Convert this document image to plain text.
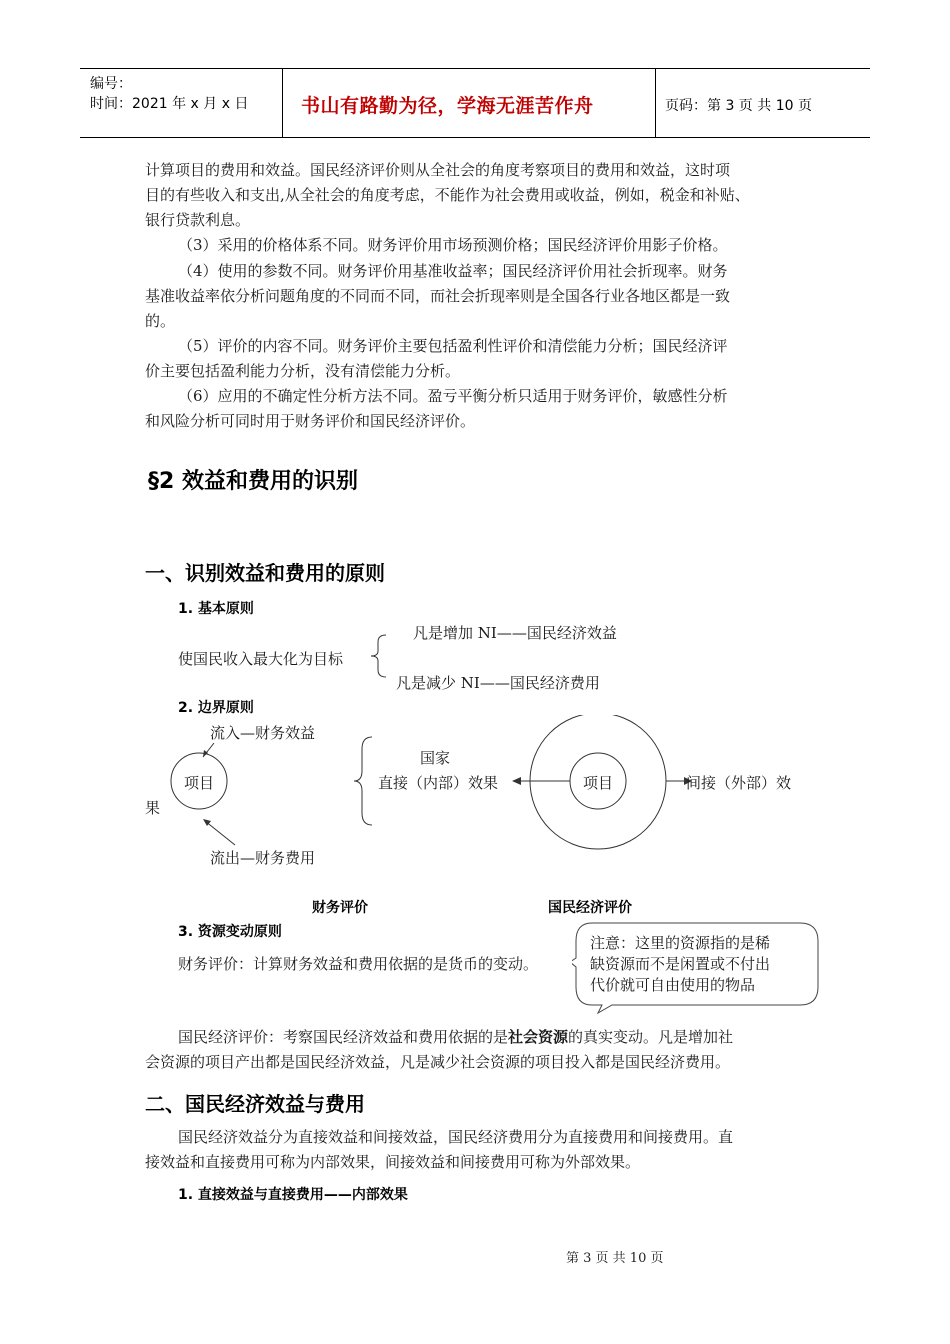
编号：
时间：2021 年 x 月 x 日	书山有路勤为径，学海无涯苦作舟	页码：第 3 页 共 10 页
计算项目的费用和效益。国民经济评价则从全社会的角度考察项目的费用和效益，这时项
目的有些收入和支出,从全社会的角度考虑，不能作为社会费用或收益，例如，税金和补贴、
银行贷款利息。
（3）采用的价格体系不同。财务评价用市场预测价格；国民经济评价用影子价格。
（4）使用的参数不同。财务评价用基准收益率；国民经济评价用社会折现率。财务
基准收益率依分析问题角度的不同而不同，而社会折现率则是全国各行业各地区都是一致
的。
（5）评价的内容不同。财务评价主要包括盈利性评价和清偿能力分析；国民经济评
价主要包括盈利能力分析，没有清偿能力分析。
（6）应用的不确定性分析方法不同。盈亏平衡分析只适用于财务评价，敏感性分析
和风险分析可同时用于财务评价和国民经济评价。
§2 效益和费用的识别
一、识别效益和费用的原则
1. 基本原则
凡是增加 NI——国民经济效益
使国民收入最大化为目标
凡是减少 NI——国民经济费用
2. 边界原则
流入—财务效益
项目
果
流出—财务费用
国家
直接（内部）效果	项目	间接（外部）效
财务评价	国民经济评价
3. 资源变动原则
财务评价：计算财务效益和费用依据的是货币的变动。
注意：这里的资源指的是稀
缺资源而不是闲置或不付出
代价就可自由使用的物品
国民经济评价：考察国民经济效益和费用依据的是社会资源的真实变动。凡是增加社
会资源的项目产出都是国民经济效益，凡是减少社会资源的项目投入都是国民经济费用。
二、国民经济效益与费用
国民经济效益分为直接效益和间接效益，国民经济费用分为直接费用和间接费用。直
接效益和直接费用可称为内部效果，间接效益和间接费用可称为外部效果。
1. 直接效益与直接费用——内部效果
第 3 页 共 10 页
